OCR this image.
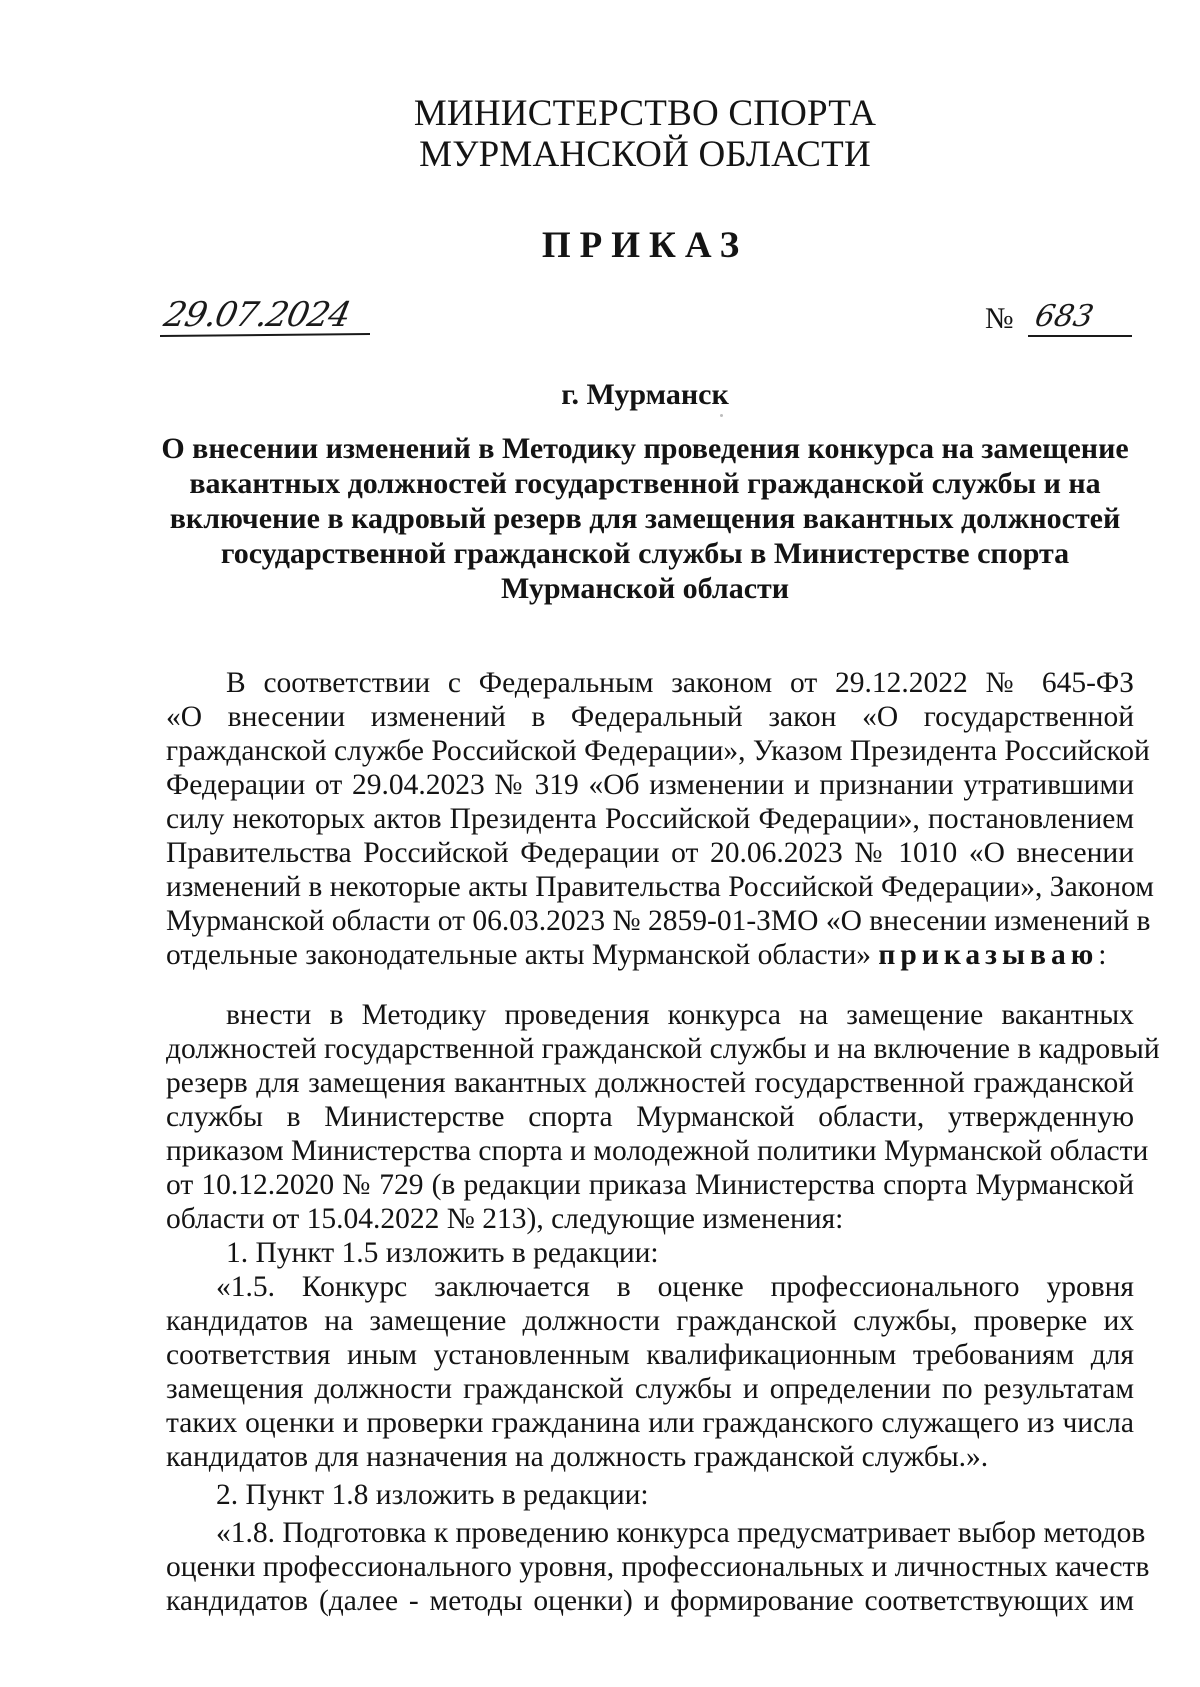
МИНИСТЕРСТВО СПОРТА
МУРМАНСКОЙ ОБЛАСТИ
ПРИКАЗ
29.07.2024	№ 683
г. Мурманск
О внесении изменений в Методику проведения конкурса на замещение
вакантных должностей государственной гражданской службы и на
включение в кадровый резерв для замещения вакантных должностей
государственной гражданской службы в Министерстве спорта
Мурманской области
В соответствии с Федеральным законом от 29.12.2022 № 645-ФЗ
«О внесении изменений в Федеральный закон «О государственной
гражданской службе Российской Федерации», Указом Президента Российской
Федерации от 29.04.2023 № 319 «Об изменении и признании утратившими
силу некоторых актов Президента Российской Федерации», постановлением
Правительства Российской Федерации от 20.06.2023 № 1010 «О внесении
изменений в некоторые акты Правительства Российской Федерации», Законом
Мурманской области от 06.03.2023 № 2859-01-ЗМО «О внесении изменений в
отдельные законодательные акты Мурманской области» приказываю:
внести в Методику проведения конкурса на замещение вакантных
должностей государственной гражданской службы и на включение в кадровый
резерв для замещения вакантных должностей государственной гражданской
службы в Министерстве спорта Мурманской области, утвержденную
приказом Министерства спорта и молодежной политики Мурманской области
от 10.12.2020 № 729 (в редакции приказа Министерства спорта Мурманской
области от 15.04.2022 № 213), следующие изменения:
1. Пункт 1.5 изложить в редакции:
«1.5. Конкурс заключается в оценке профессионального уровня
кандидатов на замещение должности гражданской службы, проверке их
соответствия иным установленным квалификационным требованиям для
замещения должности гражданской службы и определении по результатам
таких оценки и проверки гражданина или гражданского служащего из числа
кандидатов для назначения на должность гражданской службы.».
2. Пункт 1.8 изложить в редакции:
«1.8. Подготовка к проведению конкурса предусматривает выбор методов
оценки профессионального уровня, профессиональных и личностных качеств
кандидатов (далее - методы оценки) и формирование соответствующих им
